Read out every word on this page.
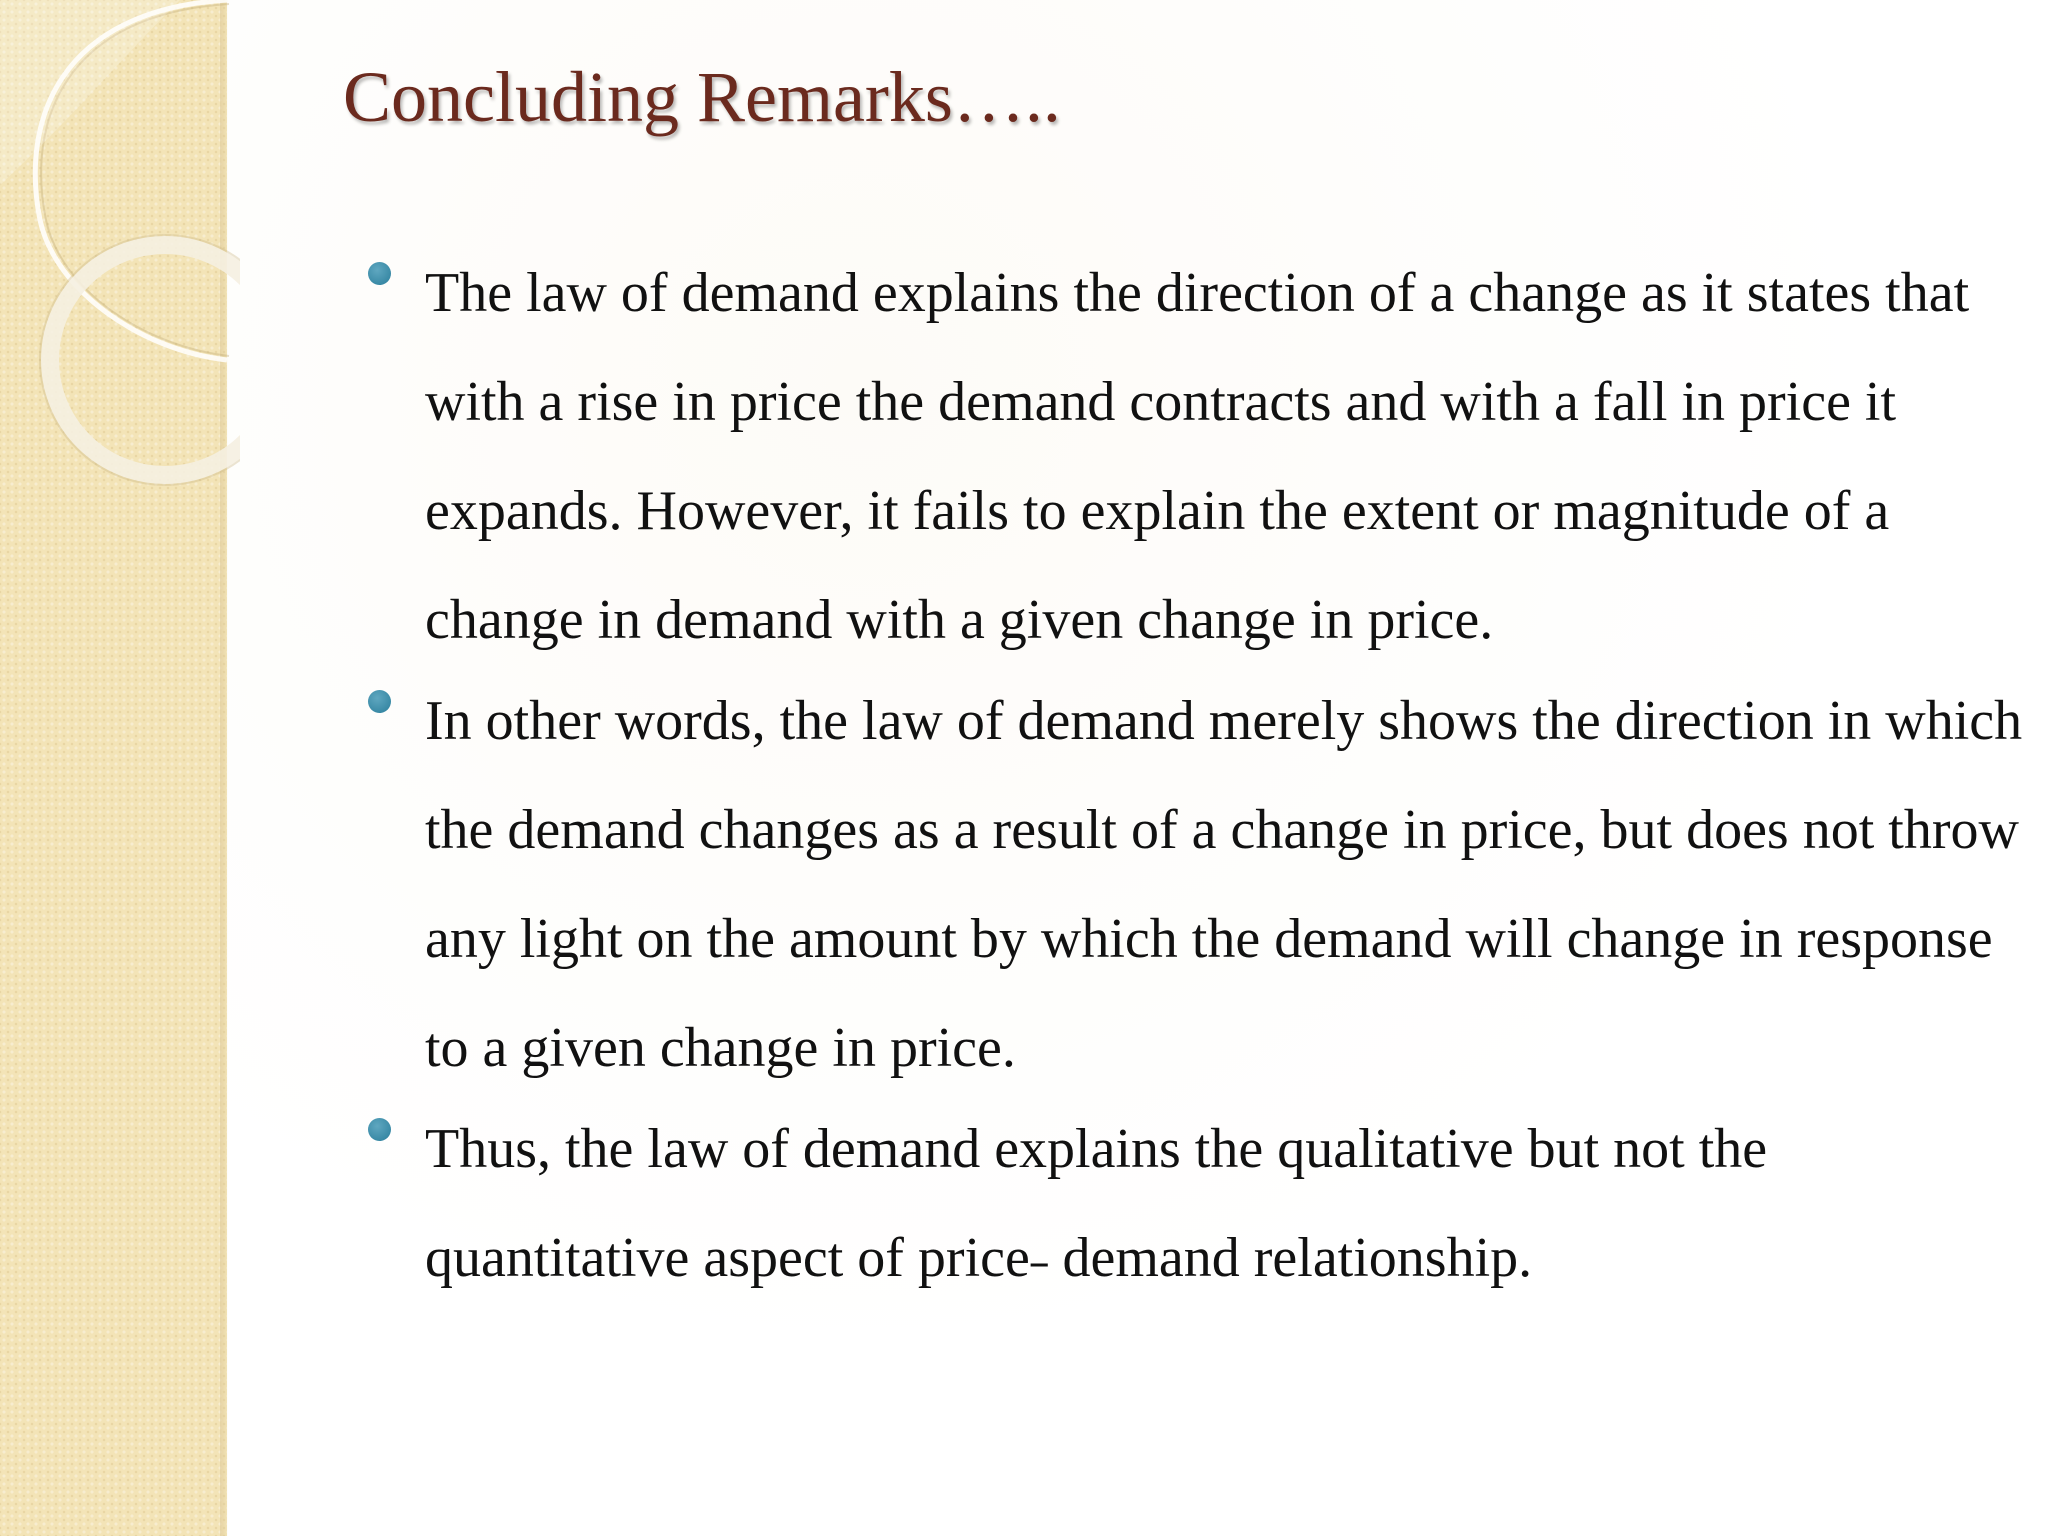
Concluding Remarks…..
The law of demand explains the direction of a change as it states that with a rise in price the demand contracts and with a fall in price it expands. However, it fails to explain the extent or magnitude of a change in demand with a given change in price.
In other words, the law of demand merely shows the direction in which the demand changes as a result of a change in price, but does not throw any light on the amount by which the demand will change in response to a given change in price.
Thus, the law of demand explains the qualitative but not the quantitative aspect of price˗ demand relationship.
